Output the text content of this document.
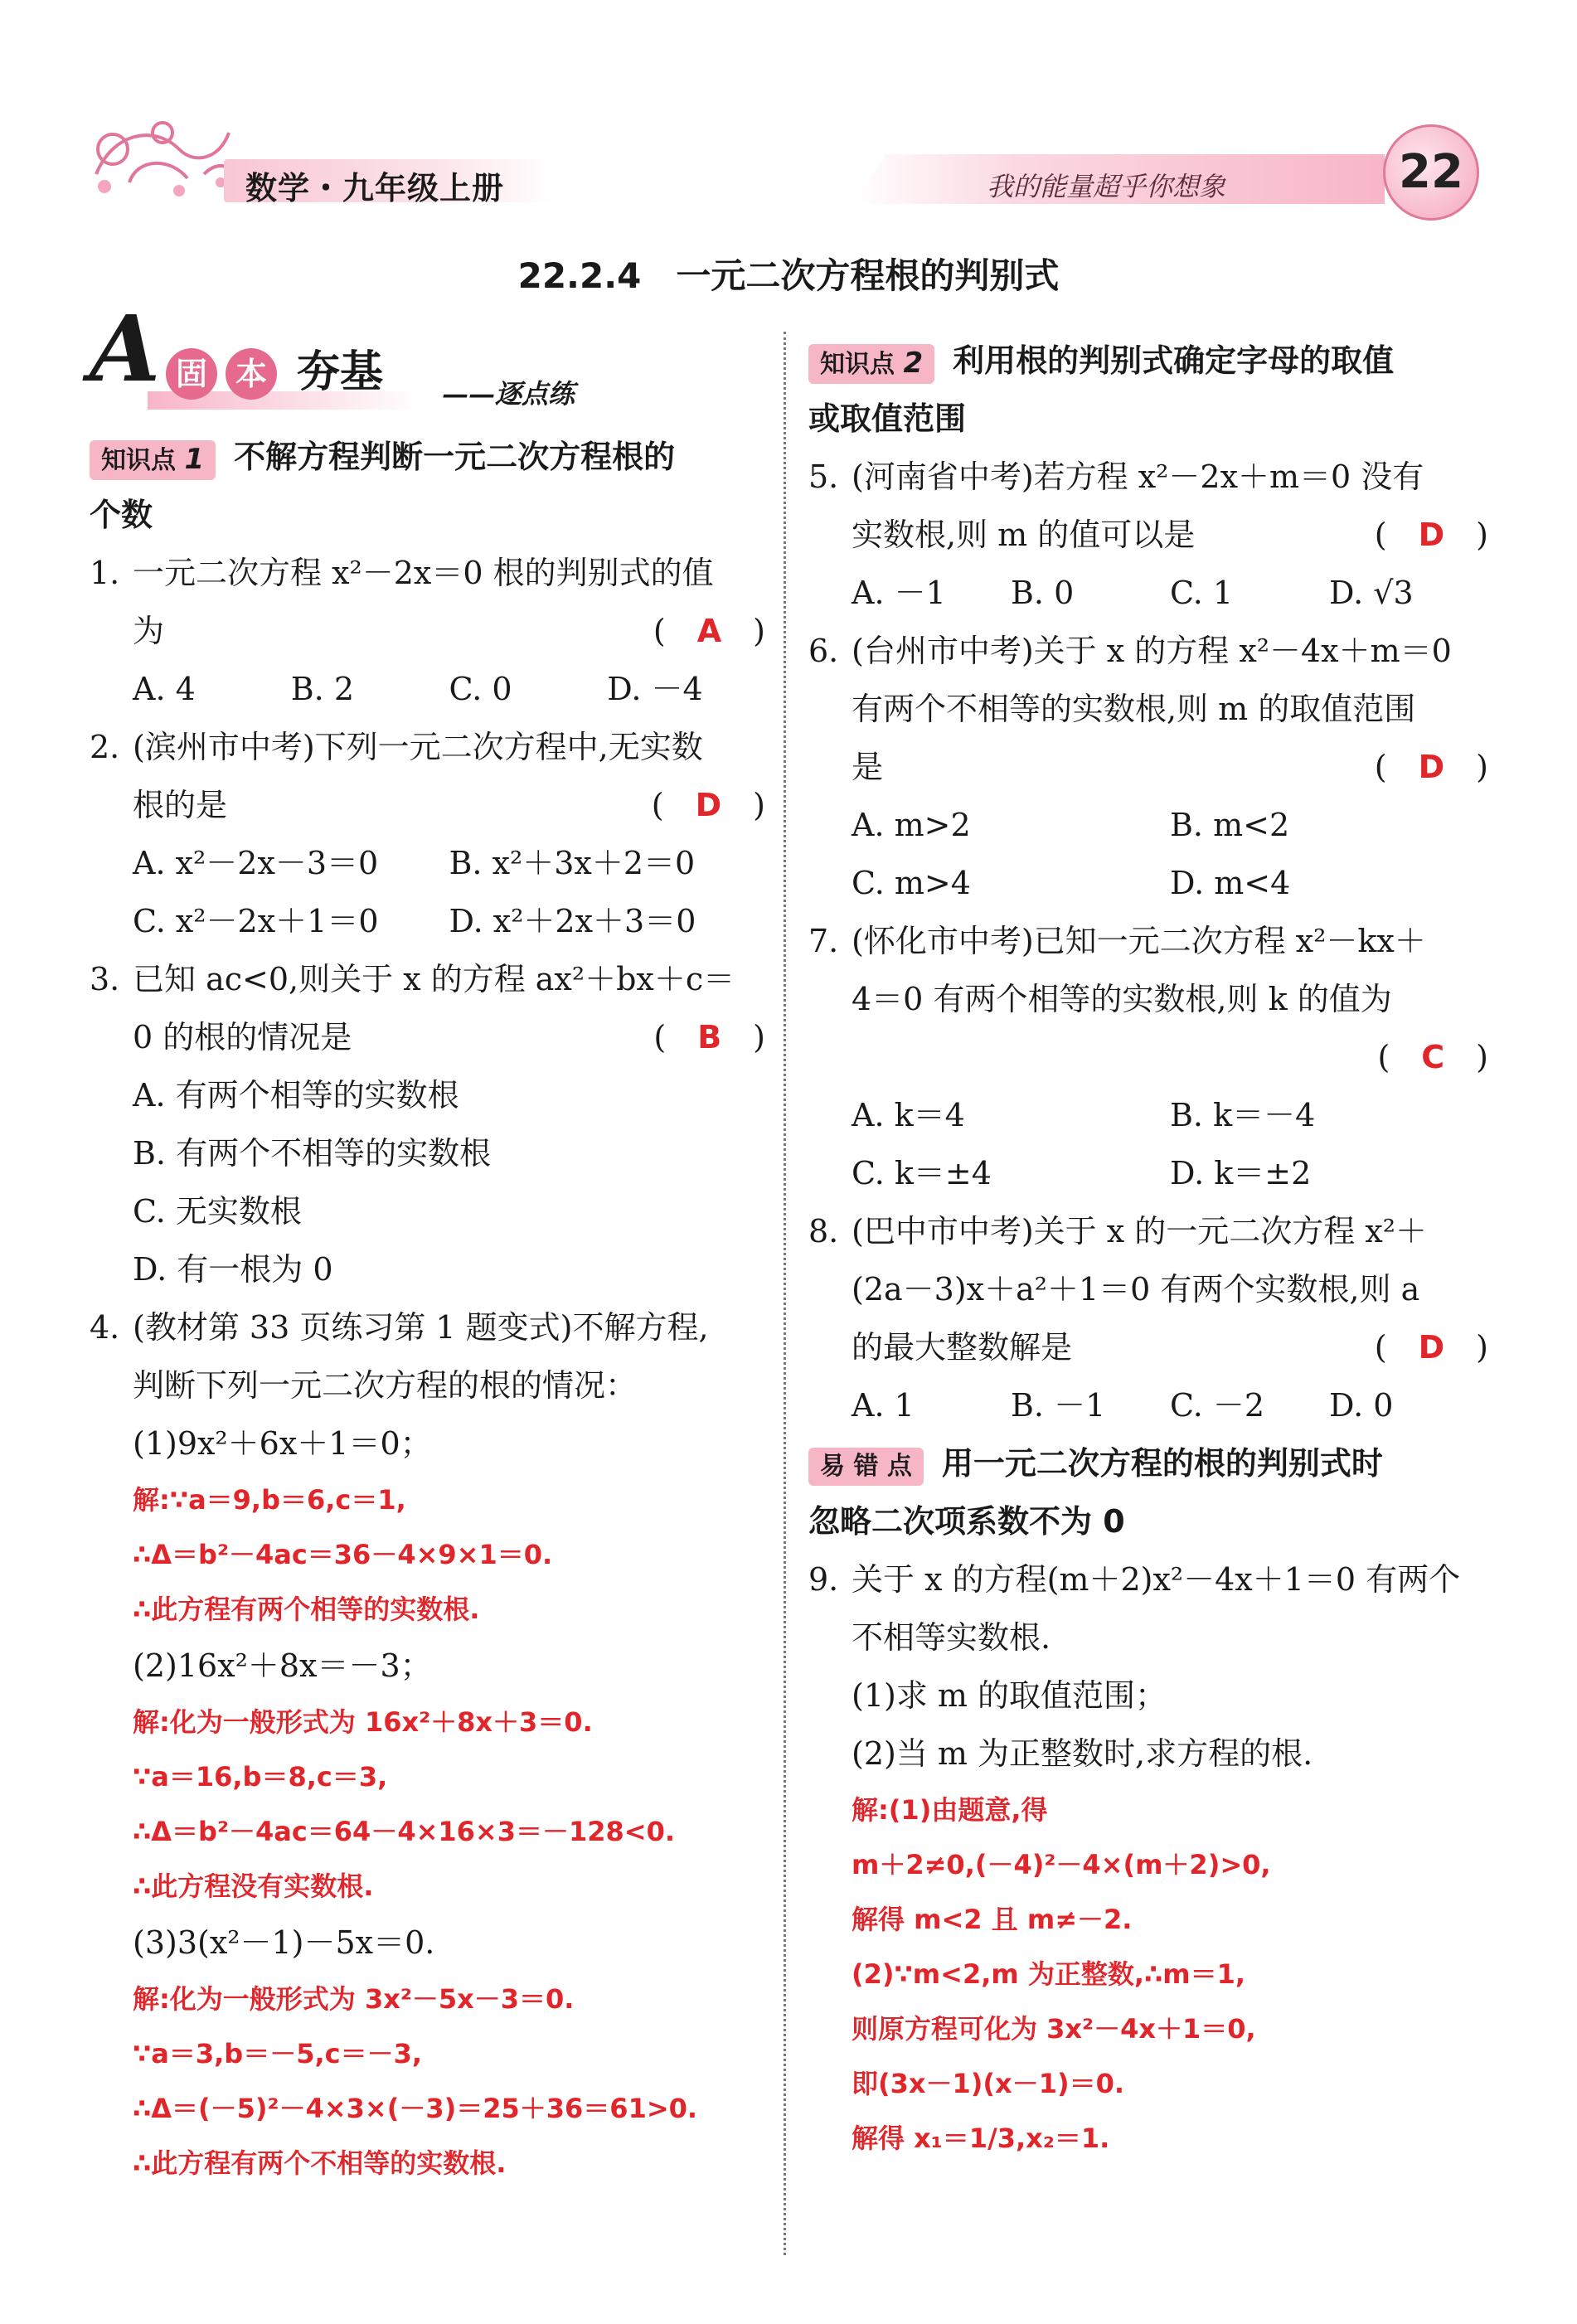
数学・九年级上册	我的能量超乎你想象	22
22.2.4　一元二次方程根的判别式
A 固 本 夯基 ——逐点练
知识点 1 不解方程判断一元二次方程根的
个数
1. 一元二次方程 x²－2x＝0 根的判别式的值
为	(　A　)
A. 4	B. 2	C. 0	D. －4
2. (滨州市中考)下列一元二次方程中,无实数
根的是	(　D　)
A. x²－2x－3＝0	B. x²＋3x＋2＝0
C. x²－2x＋1＝0	D. x²＋2x＋3＝0
3. 已知 ac<0,则关于 x 的方程 ax²＋bx＋c＝
0 的根的情况是	(　B　)
A. 有两个相等的实数根
B. 有两个不相等的实数根
C. 无实数根
D. 有一根为 0
4. (教材第 33 页练习第 1 题变式)不解方程,
判断下列一元二次方程的根的情况：
(1)9x²＋6x＋1＝0；
解:∵a＝9,b＝6,c＝1,
∴Δ＝b²－4ac＝36－4×9×1＝0.
∴此方程有两个相等的实数根.
(2)16x²＋8x＝－3；
解:化为一般形式为 16x²＋8x＋3＝0.
∵a＝16,b＝8,c＝3,
∴Δ＝b²－4ac＝64－4×16×3＝－128<0.
∴此方程没有实数根.
(3)3(x²－1)－5x＝0.
解:化为一般形式为 3x²－5x－3＝0.
∵a＝3,b＝－5,c＝－3,
∴Δ＝(－5)²－4×3×(－3)＝25＋36＝61>0.
∴此方程有两个不相等的实数根.
知识点 2 利用根的判别式确定字母的取值
或取值范围
5. (河南省中考)若方程 x²－2x＋m＝0 没有
实数根,则 m 的值可以是	(　D　)
A. －1	B. 0	C. 1	D. √3
6. (台州市中考)关于 x 的方程 x²－4x＋m＝0
有两个不相等的实数根,则 m 的取值范围
是	(　D　)
A. m>2	B. m<2
C. m>4	D. m<4
7. (怀化市中考)已知一元二次方程 x²－kx＋
4＝0 有两个相等的实数根,则 k 的值为
(　C　)

A. k＝4	B. k＝－4
C. k＝±4	D. k＝±2
8. (巴中市中考)关于 x 的一元二次方程 x²＋
(2a－3)x＋a²＋1＝0 有两个实数根,则 a
的最大整数解是	(　D　)
A. 1	B. －1	C. －2	D. 0
易 错 点 用一元二次方程的根的判别式时
忽略二次项系数不为 0
9. 关于 x 的方程(m＋2)x²－4x＋1＝0 有两个
不相等实数根.
(1)求 m 的取值范围；
(2)当 m 为正整数时,求方程的根.
解:(1)由题意,得
m＋2≠0,(－4)²－4×(m＋2)>0,
解得 m<2 且 m≠－2.
(2)∵m<2,m 为正整数,∴m＝1,
则原方程可化为 3x²－4x＋1＝0,
即(3x－1)(x－1)＝0.
解得 x₁＝1/3,x₂＝1.
